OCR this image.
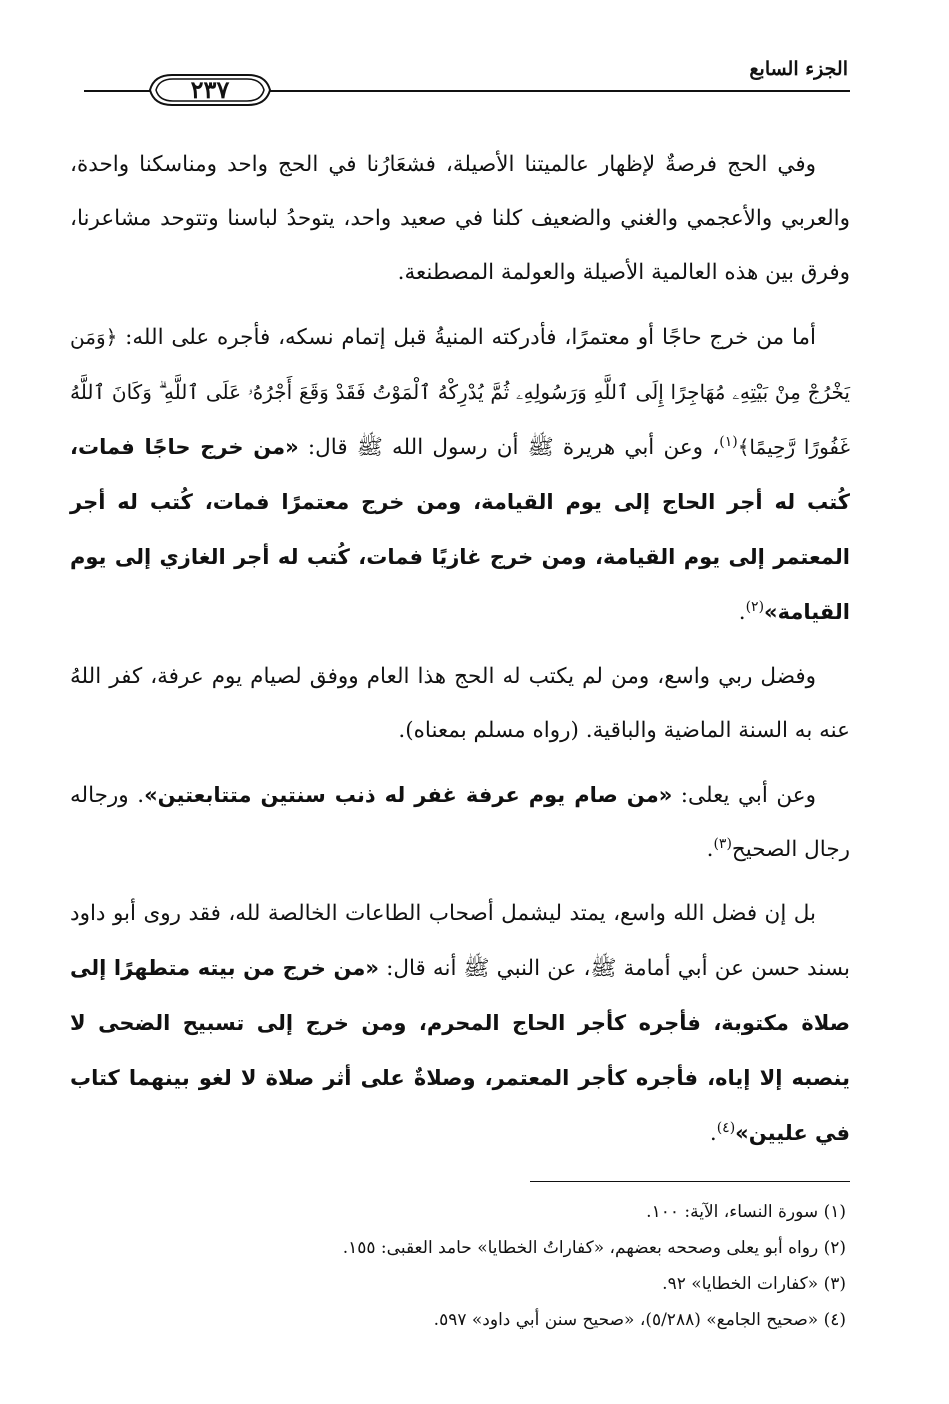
الجزء السابع
٢٣٧

وفي الحج فرصةٌ لإظهار عالميتنا الأصيلة، فشعَارُنا في الحج واحد ومناسكنا واحدة، والعربي والأعجمي والغني والضعيف كلنا في صعيد واحد، يتوحدُ لباسنا وتتوحد مشاعرنا، وفرق بين هذه العالمية الأصيلة والعولمة المصطنعة.

أما من خرج حاجًا أو معتمرًا، فأدركته المنيةُ قبل إتمام نسكه، فأجره على الله: ﴿وَمَن يَخْرُجْ مِنْ بَيْتِهِۦ مُهَاجِرًا إِلَى ٱللَّهِ وَرَسُولِهِۦ ثُمَّ يُدْرِكْهُ ٱلْمَوْتُ فَقَدْ وَقَعَ أَجْرُهُۥ عَلَى ٱللَّهِ ۗ وَكَانَ ٱللَّهُ غَفُورًا رَّحِيمًا﴾$^{(١)}$، وعن أبي هريرة ﷺ أن رسول الله ﷺ قال: «من خرج حاجًا فمات، كُتب له أجر الحاج إلى يوم القيامة، ومن خرج معتمرًا فمات، كُتب له أجر المعتمر إلى يوم القيامة، ومن خرج غازيًا فمات، كُتب له أجر الغازي إلى يوم القيامة»$^{(٢)}$.

وفضل ربي واسع، ومن لم يكتب له الحج هذا العام ووفق لصيام يوم عرفة، كفر اللهُ عنه به السنة الماضية والباقية. (رواه مسلم بمعناه).

وعن أبي يعلى: «من صام يوم عرفة غفر له ذنب سنتين متتابعتين». ورجاله رجال الصحيح$^{(٣)}$.

بل إن فضل الله واسع، يمتد ليشمل أصحاب الطاعات الخالصة لله، فقد روى أبو داود بسند حسن عن أبي أمامة ﷺ، عن النبي ﷺ أنه قال: «من خرج من بيته متطهرًا إلى صلاة مكتوبة، فأجره كأجر الحاج المحرم، ومن خرج إلى تسبيح الضحى لا ينصبه إلا إياه، فأجره كأجر المعتمر، وصلاةٌ على أثر صلاة لا لغو بينهما كتاب في عليين»$^{(٤)}$.

(١) سورة النساء، الآية: ١٠٠.

(٢) رواه أبو يعلى وصححه بعضهم، «كفاراتُ الخطايا» حامد العقبى: ١٥٥.

(٣) «كفارات الخطايا» ٩٢.

(٤) «صحيح الجامع» (٥/٢٨٨)، «صحيح سنن أبي داود» ٥٩٧.
